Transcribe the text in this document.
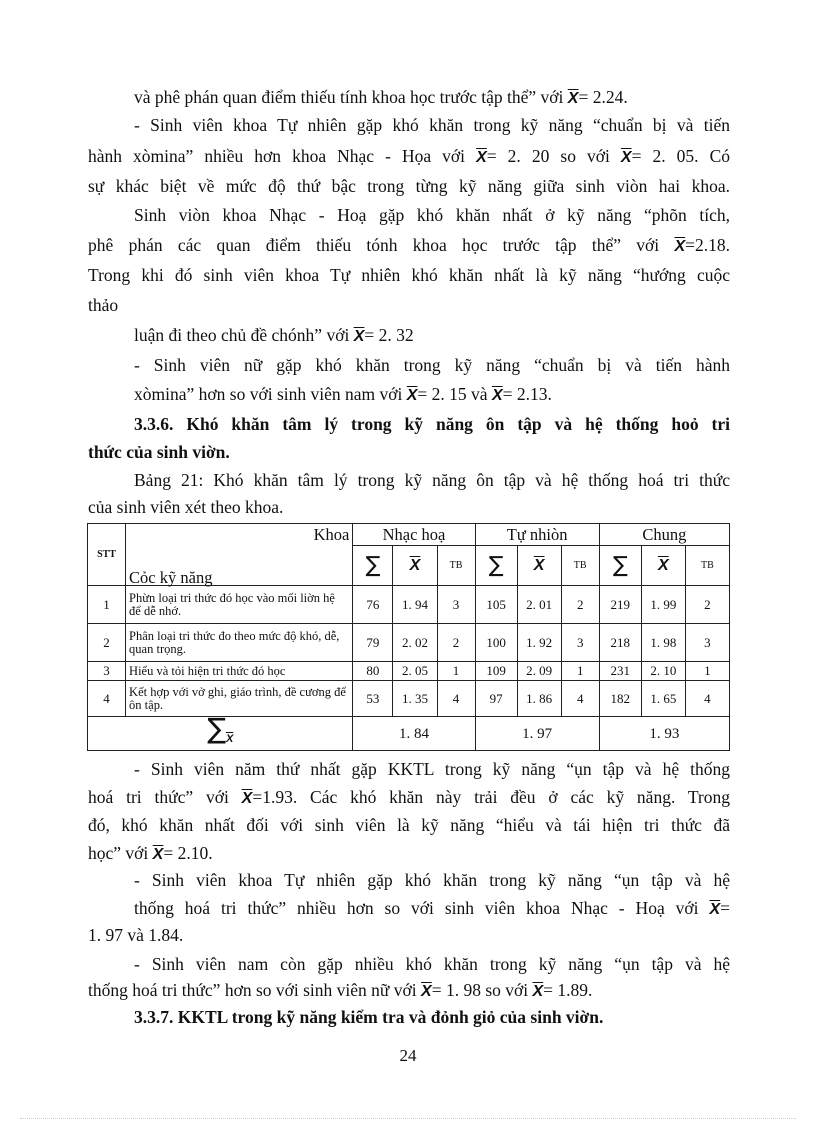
và phê phán quan điểm thiếu tính khoa học trước tập thể” với $\overline{X}= 2.24$.
- Sinh viên khoa Tự nhiên gặp khó khăn trong kỹ năng “chuẩn bị và tiến
hành xòmina” nhiều hơn khoa Nhạc - Họa với $\overline{X}= 2$. 20 so với $\overline{X}= 2$. 05. Có
sự khác biệt về mức độ thứ bậc trong từng kỹ năng giữa sinh viòn hai khoa.
Sinh viòn khoa Nhạc - Hoạ gặp khó khăn nhất ở kỹ năng “phõn tích,
phê phán các quan điểm thiếu tónh khoa học trước tập thể” với $\overline{X}=2.18$.
Trong khi đó sinh viên khoa Tự nhiên khó khăn nhất là kỹ năng “hướng cuộc
thảo
luận đi theo chủ đề chónh” với $\overline{X}= 2$. 32
- Sinh viên nữ gặp khó khăn trong kỹ năng “chuẩn bị và tiến hành
xòmina” hơn so với sinh viên nam với $\overline{X}= 2$. 15 và $\overline{X}= 2.13$.
3.3.6. Khó khăn tâm lý trong kỹ năng ôn tập và hệ thống hoỏ tri
thức của sinh viờn.
Bảng 21: Khó khăn tâm lý trong kỹ năng ôn tập và hệ thống hoá tri thức
của sinh viên xét theo khoa.
STT	Khoa	Nhạc hoạ			Tự nhiòn			Chung		
	Cỏc kỹ năng	∑	$\overline{X}$	TB	∑	$\overline{X}$	TB	∑	$\overline{X}$	TB
1	Phừn loại tri thức đó học vào mối liờn hệ để dễ nhớ.	76	1. 94	3	105	2. 01	2	219	1. 99	2
2	Phân loại tri thức đo theo mức độ khó, dễ, quan trọng.	79	2. 02	2	100	1. 92	3	218	1. 98	3
3	Hiểu và tỏi hiện tri thức đó học	80	2. 05	1	109	2. 09	1	231	2. 10	1
4	Kết hợp với vở ghi, giáo trình, đề cương để ôn tập.	53	1. 35	4	97	1. 86	4	182	1. 65	4
$\sum_{\overline{X}}$		1. 84			1. 97			1. 93		
- Sinh viên năm thứ nhất gặp KKTL trong kỹ năng “ụn tập và hệ thống
hoá tri thức” với $\overline{X}=1.93$. Các khó khăn này trải đều ở các kỹ năng. Trong
đó, khó khăn nhất đối với sinh viên là kỹ năng “hiểu và tái hiện tri thức đã
học” với $\overline{X}= 2.10$.
- Sinh viên khoa Tự nhiên gặp khó khăn trong kỹ năng “ụn tập và hệ
thống hoá tri thức” nhiều hơn so với sinh viên khoa Nhạc - Hoạ với $\overline{X}=$
1. 97 và 1.84.
- Sinh viên nam còn gặp nhiều khó khăn trong kỹ năng “ụn tập và hệ
thống hoá tri thức” hơn so với sinh viên nữ với $\overline{X}= 1$. 98 so với $\overline{X}= 1.89$.
3.3.7. KKTL trong kỹ năng kiểm tra và đỏnh giỏ của sinh viờn.
24
